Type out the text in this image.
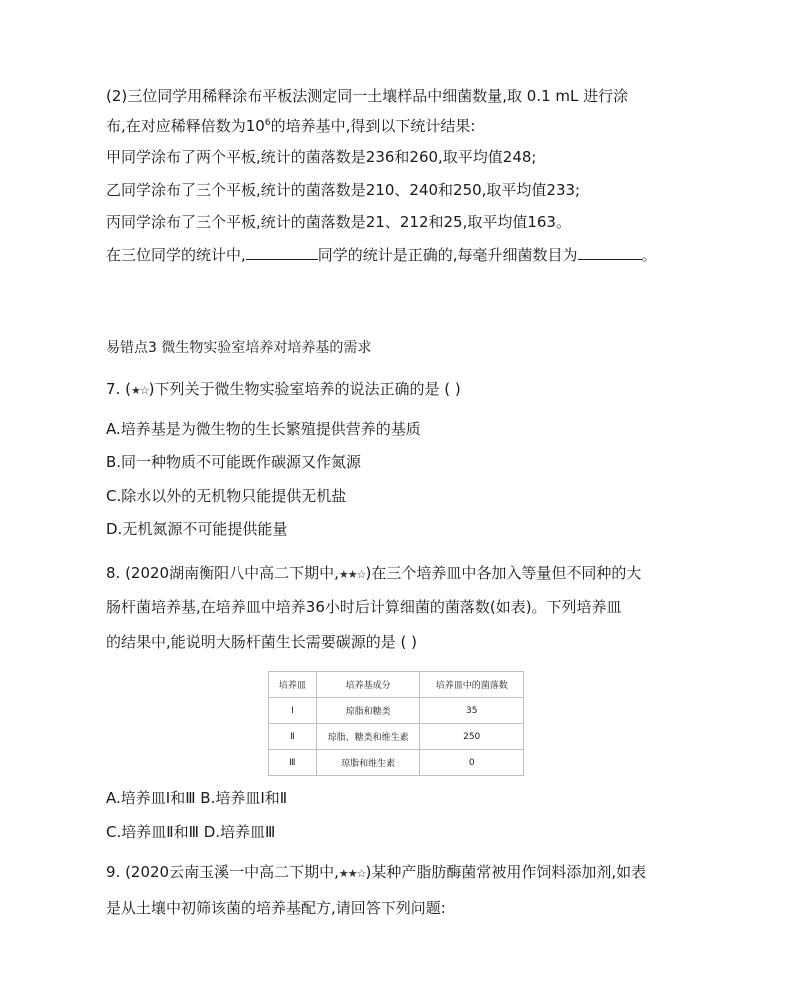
(2)三位同学用稀释涂布平板法测定同一土壤样品中细菌数量,取 0.1 mL 进行涂
布,在对应稀释倍数为$10^6$的培养基中,得到以下统计结果:
甲同学涂布了两个平板,统计的菌落数是236和260,取平均值248;
乙同学涂布了三个平板,统计的菌落数是210、240和250,取平均值233;
丙同学涂布了三个平板,统计的菌落数是21、212和25,取平均值163。
在三位同学的统计中,	同学的统计是正确的,每毫升细菌数目为	。
易错点3 微生物实验室培养对培养基的需求
7. (★☆)下列关于微生物实验室培养的说法正确的是 ( )
A.培养基是为微生物的生长繁殖提供营养的基质
B.同一种物质不可能既作碳源又作氮源
C.除水以外的无机物只能提供无机盐
D.无机氮源不可能提供能量
8. (2020湖南衡阳八中高二下期中,★★☆)在三个培养皿中各加入等量但不同种的大
肠杆菌培养基,在培养皿中培养36小时后计算细菌的菌落数(如表)。下列培养皿
的结果中,能说明大肠杆菌生长需要碳源的是 ( )
培养皿	培养基成分	培养皿中的菌落数
Ⅰ	琼脂和糖类	35
Ⅱ	琼脂、糖类和维生素	250
Ⅲ	琼脂和维生素	0
A.培养皿Ⅰ和Ⅲ B.培养皿Ⅰ和Ⅱ
C.培养皿Ⅱ和Ⅲ D.培养皿Ⅲ
9. (2020云南玉溪一中高二下期中,★★☆)某种产脂肪酶菌常被用作饲料添加剂,如表
是从土壤中初筛该菌的培养基配方,请回答下列问题:
